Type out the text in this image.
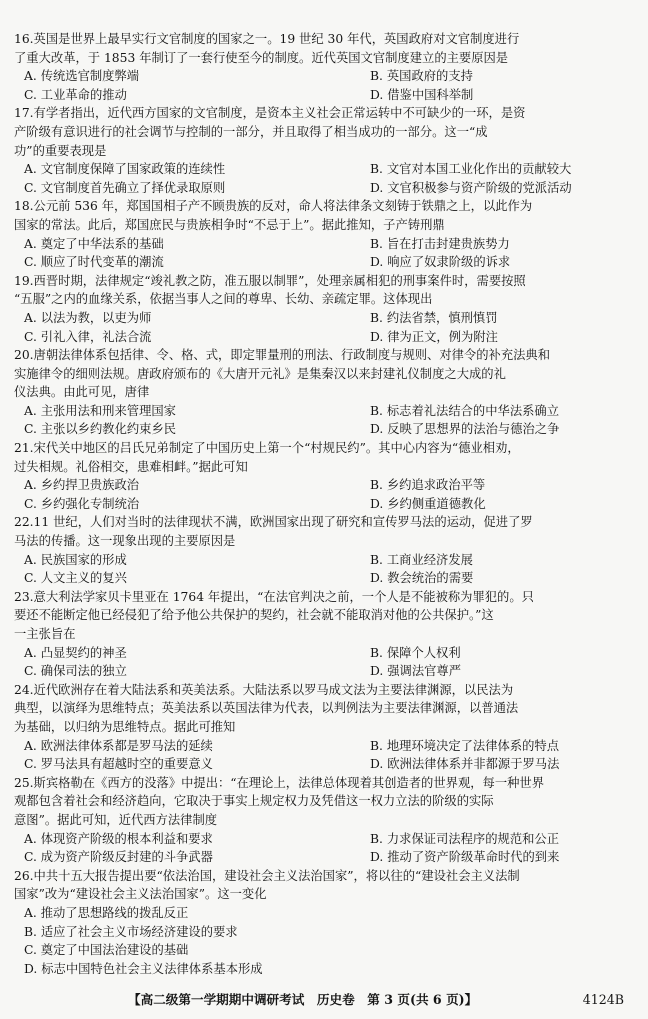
16.英国是世界上最早实行文官制度的国家之一。19 世纪 30 年代，英国政府对文官制度进行
了重大改革，于 1853 年制订了一套行使至今的制度。近代英国文官制度建立的主要原因是
A. 传统选官制度弊端	B. 英国政府的支持
C. 工业革命的推动	D. 借鉴中国科举制
17.有学者指出，近代西方国家的文官制度，是资本主义社会正常运转中不可缺少的一环，是资
产阶级有意识进行的社会调节与控制的一部分，并且取得了相当成功的一部分。这一“成
功”的重要表现是
A. 文官制度保障了国家政策的连续性	B. 文官对本国工业化作出的贡献较大
C. 文官制度首先确立了择优录取原则	D. 文官积极参与资产阶级的党派活动
18.公元前 536 年，郑国国相子产不顾贵族的反对，命人将法律条文刻铸于铁鼎之上，以此作为
国家的常法。此后，郑国庶民与贵族相争时“不忌于上”。据此推知，子产铸刑鼎
A. 奠定了中华法系的基础	B. 旨在打击封建贵族势力
C. 顺应了时代变革的潮流	D. 响应了奴隶阶级的诉求
19.西晋时期，法律规定“竣礼教之防，准五服以制罪”，处理亲属相犯的刑事案件时，需要按照
“五服”之内的血缘关系，依据当事人之间的尊卑、长幼、亲疏定罪。这体现出
A. 以法为教，以吏为师	B. 约法省禁，慎刑慎罚
C. 引礼入律，礼法合流	D. 律为正文，例为附注
20.唐朝法律体系包括律、令、格、式，即定罪量刑的刑法、行政制度与规则、对律令的补充法典和
实施律令的细则法规。唐政府颁布的《大唐开元礼》是集秦汉以来封建礼仪制度之大成的礼
仪法典。由此可见，唐律
A. 主张用法和刑来管理国家	B. 标志着礼法结合的中华法系确立
C. 主张以乡约教化约束乡民	D. 反映了思想界的法治与德治之争
21.宋代关中地区的吕氏兄弟制定了中国历史上第一个“村规民约”。其中心内容为“德业相劝，
过失相规。礼俗相交，患难相衅。”据此可知
A. 乡约捍卫贵族政治	B. 乡约追求政治平等
C. 乡约强化专制统治	D. 乡约侧重道德教化
22.11 世纪，人们对当时的法律现状不满，欧洲国家出现了研究和宣传罗马法的运动，促进了罗
马法的传播。这一现象出现的主要原因是
A. 民族国家的形成	B. 工商业经济发展
C. 人文主义的复兴	D. 教会统治的需要
23.意大利法学家贝卡里亚在 1764 年提出，“在法官判决之前，一个人是不能被称为罪犯的。只
要还不能断定他已经侵犯了给予他公共保护的契约，社会就不能取消对他的公共保护。”这
一主张旨在
A. 凸显契约的神圣	B. 保障个人权利
C. 确保司法的独立	D. 强调法官尊严
24.近代欧洲存在着大陆法系和英美法系。大陆法系以罗马成文法为主要法律渊源，以民法为
典型，以演绎为思维特点；英美法系以英国法律为代表，以判例法为主要法律渊源，以普通法
为基础，以归纳为思维特点。据此可推知
A. 欧洲法律体系都是罗马法的延续	B. 地理环境决定了法律体系的特点
C. 罗马法具有超越时空的重要意义	D. 欧洲法律体系并非都源于罗马法
25.斯宾格勒在《西方的没落》中提出：“在理论上，法律总体现着其创造者的世界观，每一种世界
观都包含着社会和经济趋向，它取决于事实上规定权力及凭借这一权力立法的阶级的实际
意图”。据此可知，近代西方法律制度
A. 体现资产阶级的根本利益和要求	B. 力求保证司法程序的规范和公正
C. 成为资产阶级反封建的斗争武器	D. 推动了资产阶级革命时代的到来
26.中共十五大报告提出要“依法治国，建设社会主义法治国家”，将以往的“建设社会主义法制
国家”改为“建设社会主义法治国家”。这一变化
A. 推动了思想路线的拨乱反正
B. 适应了社会主义市场经济建设的要求
C. 奠定了中国法治建设的基础
D. 标志中国特色社会主义法律体系基本形成
【高二级第一学期期中调研考试　历史卷　第 3 页(共 6 页)】	4124B
